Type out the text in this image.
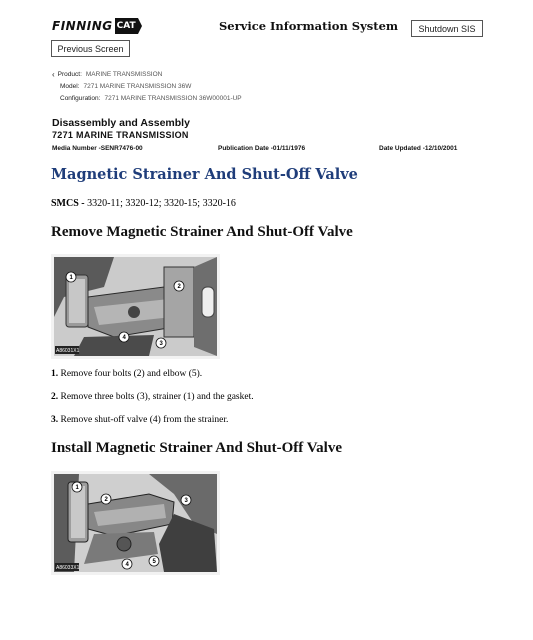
FINNING CAT	Service Information System	Shutdown SIS
Previous Screen
‹ Product: MARINE TRANSMISSION
Model: 7271 MARINE TRANSMISSION 36W
Configuration: 7271 MARINE TRANSMISSION 36W00001-UP
Disassembly and Assembly
7271 MARINE TRANSMISSION
Media Number -SENR7476-00	Publication Date -01/11/1976	Date Updated -12/10/2001
Magnetic Strainer And Shut-Off Valve
SMCS - 3320-11; 3320-12; 3320-15; 3320-16
Remove Magnetic Strainer And Shut-Off Valve
A86031X1
1
2
4
3
1. Remove four bolts (2) and elbow (5).
2. Remove three bolts (3), strainer (1) and the gasket.
3. Remove shut-off valve (4) from the strainer.
Install Magnetic Strainer And Shut-Off Valve
A86033X1
1
2	3
4	5
